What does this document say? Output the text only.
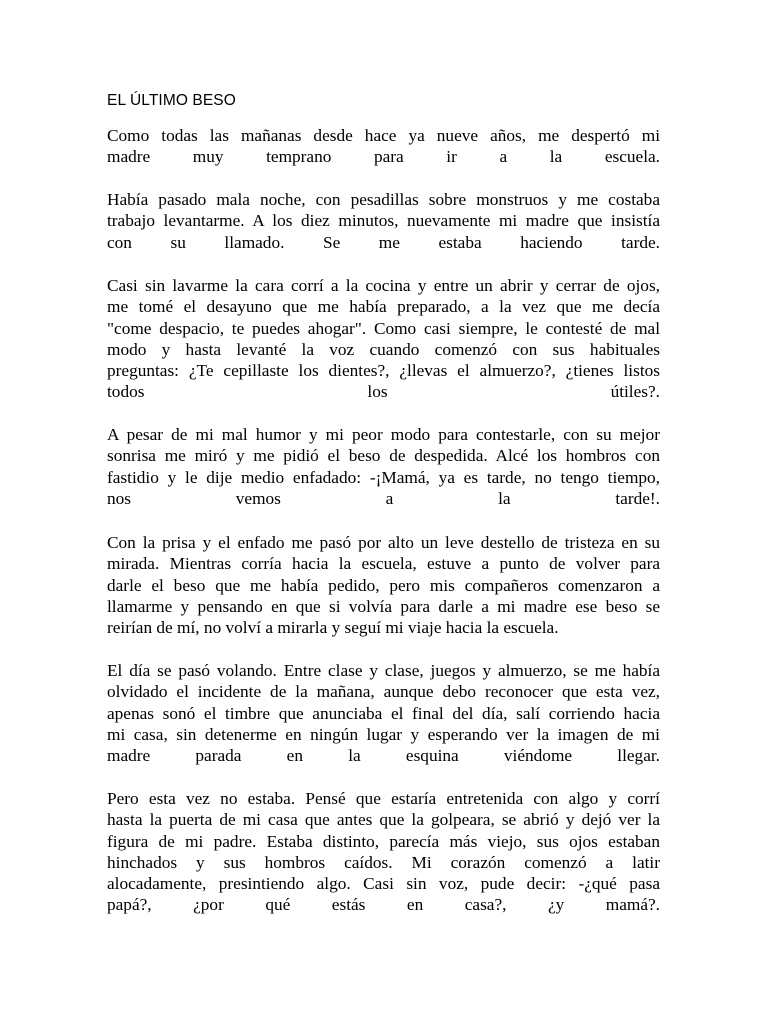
EL ÚLTIMO BESO
Como todas las mañanas desde hace ya nueve años, me despertó mi
madre muy temprano para ir a la escuela.
Había pasado mala noche, con pesadillas sobre monstruos y me costaba
trabajo levantarme. A los diez minutos, nuevamente mi madre que insistía
con su llamado. Se me estaba haciendo tarde.
Casi sin lavarme la cara corrí a la cocina y entre un abrir y cerrar de ojos,
me tomé el desayuno que me había preparado, a la vez que me decía
"come despacio, te puedes ahogar". Como casi siempre, le contesté de mal
modo y hasta levanté la voz cuando comenzó con sus habituales
preguntas: ¿Te cepillaste los dientes?, ¿llevas el almuerzo?, ¿tienes listos
todos los útiles?.
A pesar de mi mal humor y mi peor modo para contestarle, con su mejor
sonrisa me miró y me pidió el beso de despedida. Alcé los hombros con
fastidio y le dije medio enfadado: -¡Mamá, ya es tarde, no tengo tiempo,
nos vemos a la tarde!.
Con la prisa y el enfado me pasó por alto un leve destello de tristeza en su
mirada. Mientras corría hacia la escuela, estuve a punto de volver para
darle el beso que me había pedido, pero mis compañeros comenzaron a
llamarme y pensando en que si volvía para darle a mi madre ese beso se
reirían de mí, no volví a mirarla y seguí mi viaje hacia la escuela.
El día se pasó volando. Entre clase y clase, juegos y almuerzo, se me había
olvidado el incidente de la mañana, aunque debo reconocer que esta vez,
apenas sonó el timbre que anunciaba el final del día, salí corriendo hacia
mi casa, sin detenerme en ningún lugar y esperando ver la imagen de mi
madre parada en la esquina viéndome llegar.
Pero esta vez no estaba. Pensé que estaría entretenida con algo y corrí
hasta la puerta de mi casa que antes que la golpeara, se abrió y dejó ver la
figura de mi padre. Estaba distinto, parecía más viejo, sus ojos estaban
hinchados y sus hombros caídos. Mi corazón comenzó a latir
alocadamente, presintiendo algo. Casi sin voz, pude decir: -¿qué pasa
papá?, ¿por qué estás en casa?, ¿y mamá?.
